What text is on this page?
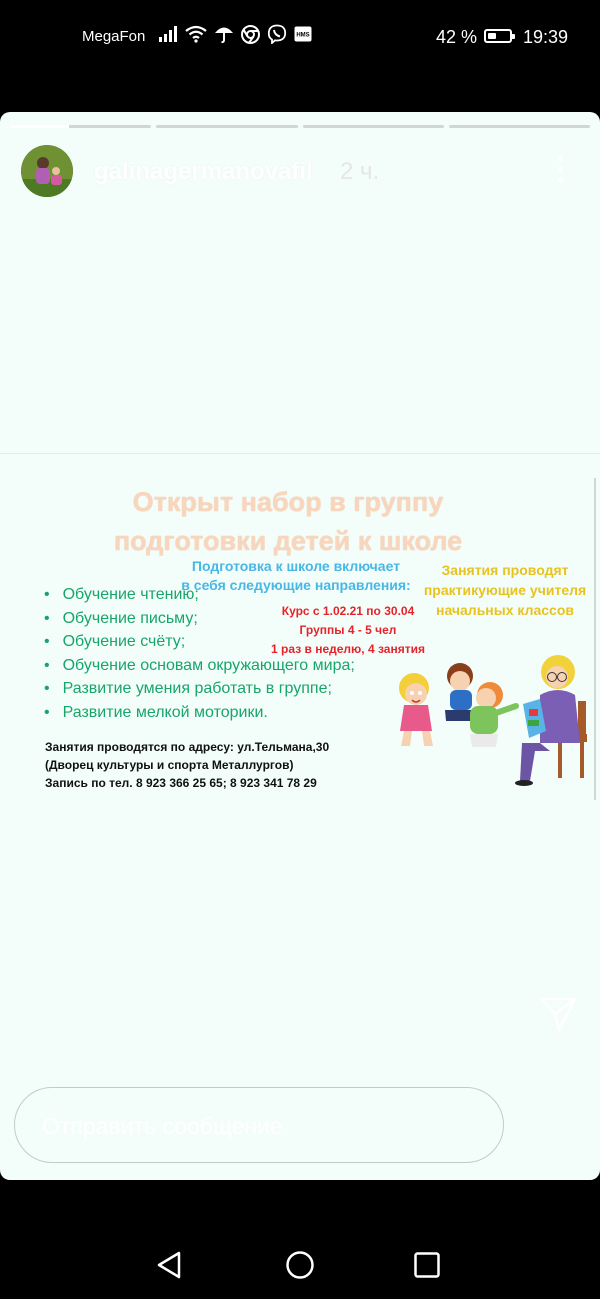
MegaFon	HMS	42 %	19:39
galinagermanovafil 2 ч.
Открыт набор в группу
подготовки детей к школе
Подготовка к школе включает
в себя следующие направления:
Занятия проводят
практикующие учителя
начальных классов
• Обучение чтению;
• Обучение письму;
• Обучение счёту;
• Обучение основам окружающего мира;
• Развитие умения работать в группе;
• Развитие мелкой моторики.
Курс с 1.02.21 по 30.04
Группы 4 - 5 чел
1 раз в неделю, 4 занятия
Занятия проводятся по адресу: ул.Тельмана,30
(Дворец культуры и спорта Металлургов)
Запись по тел. 8 923 366 25 65; 8 923 341 78 29
Отправить сообщение
